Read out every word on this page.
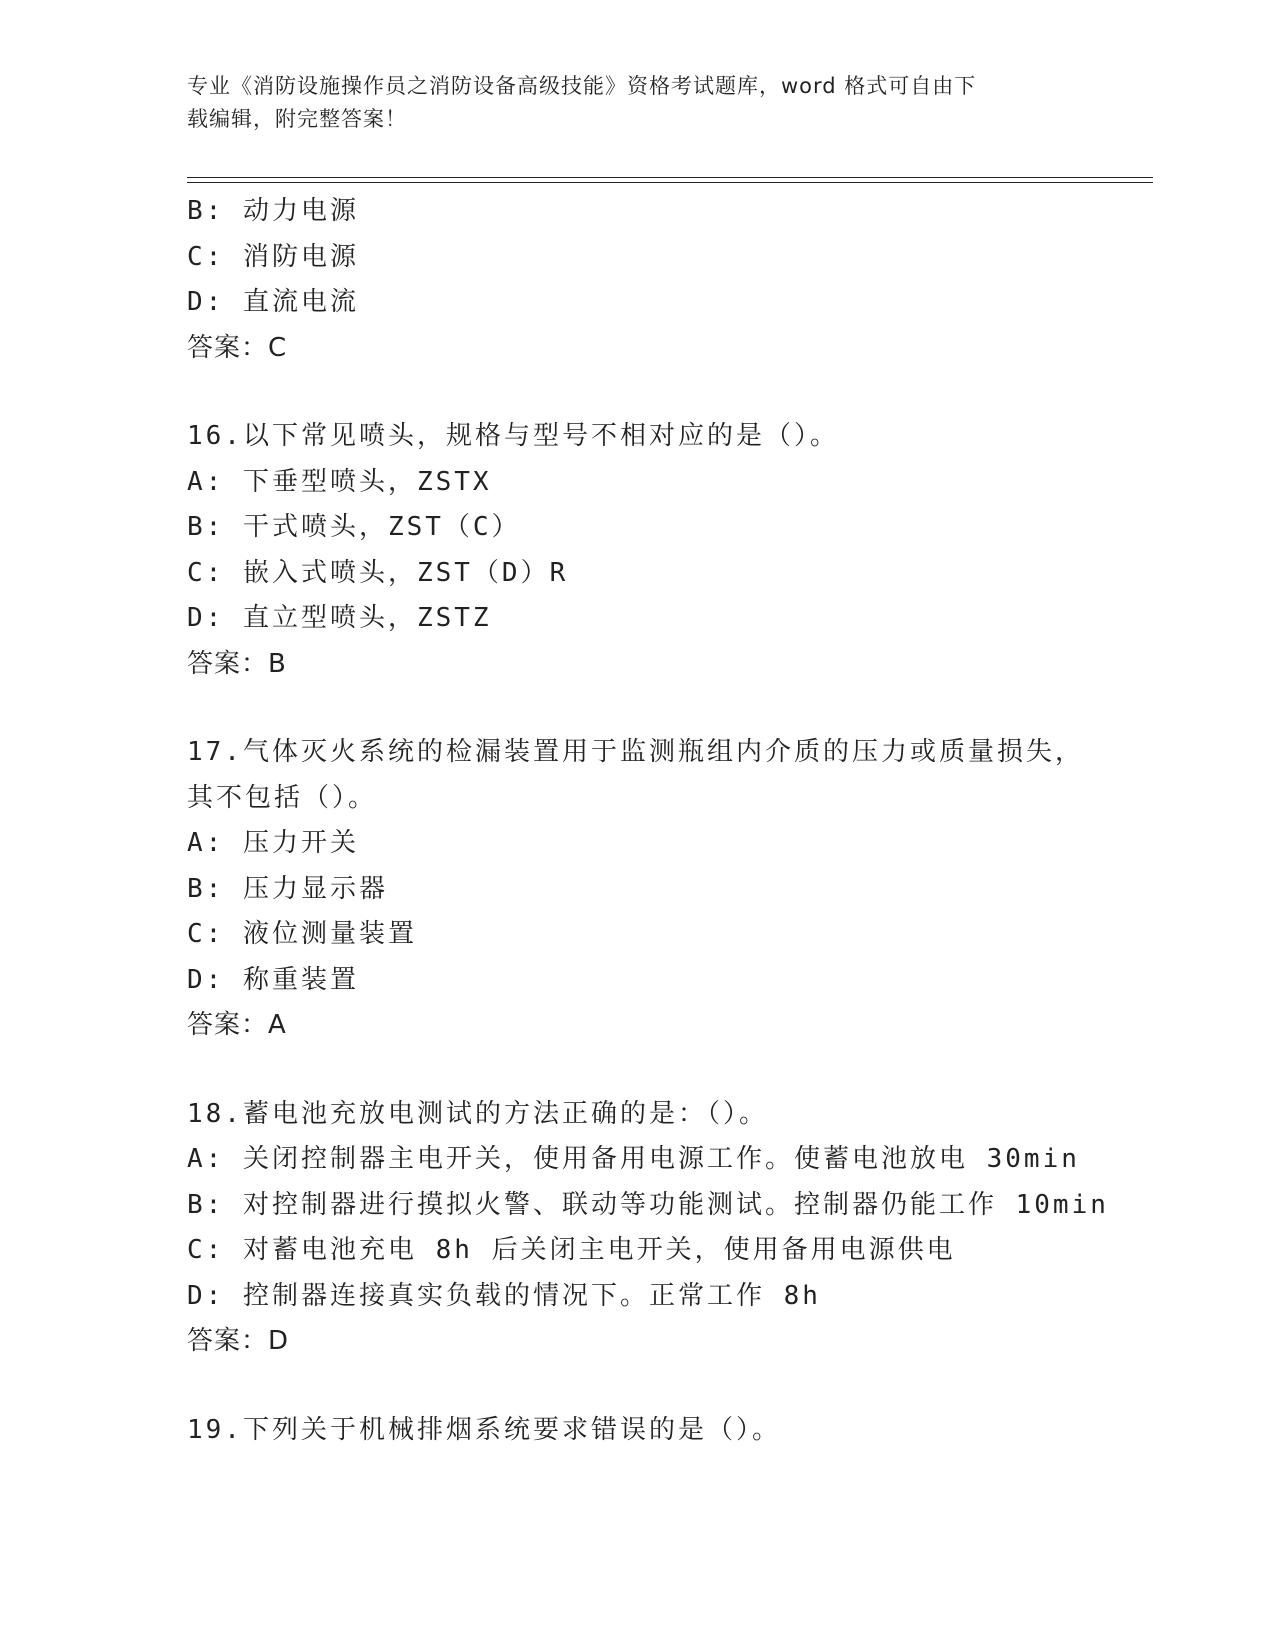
专业《消防设施操作员之消防设备高级技能》资格考试题库，word 格式可自由下
载编辑，附完整答案！
B: 动力电源
C: 消防电源
D: 直流电流
答案：C
16.以下常见喷头，规格与型号不相对应的是（）。
A: 下垂型喷头，ZSTX
B: 干式喷头，ZST（C）
C: 嵌入式喷头，ZST（D）R
D: 直立型喷头，ZSTZ
答案：B
17.气体灭火系统的检漏装置用于监测瓶组内介质的压力或质量损失，
其不包括（）。
A: 压力开关
B: 压力显示器
C: 液位测量装置
D: 称重装置
答案：A
18.蓄电池充放电测试的方法正确的是：（）。
A: 关闭控制器主电开关，使用备用电源工作。使蓄电池放电 30min
B: 对控制器进行摸拟火警、联动等功能测试。控制器仍能工作 10min
C: 对蓄电池充电 8h 后关闭主电开关，使用备用电源供电
D: 控制器连接真实负载的情况下。正常工作 8h
答案：D
19.下列关于机械排烟系统要求错误的是（）。
